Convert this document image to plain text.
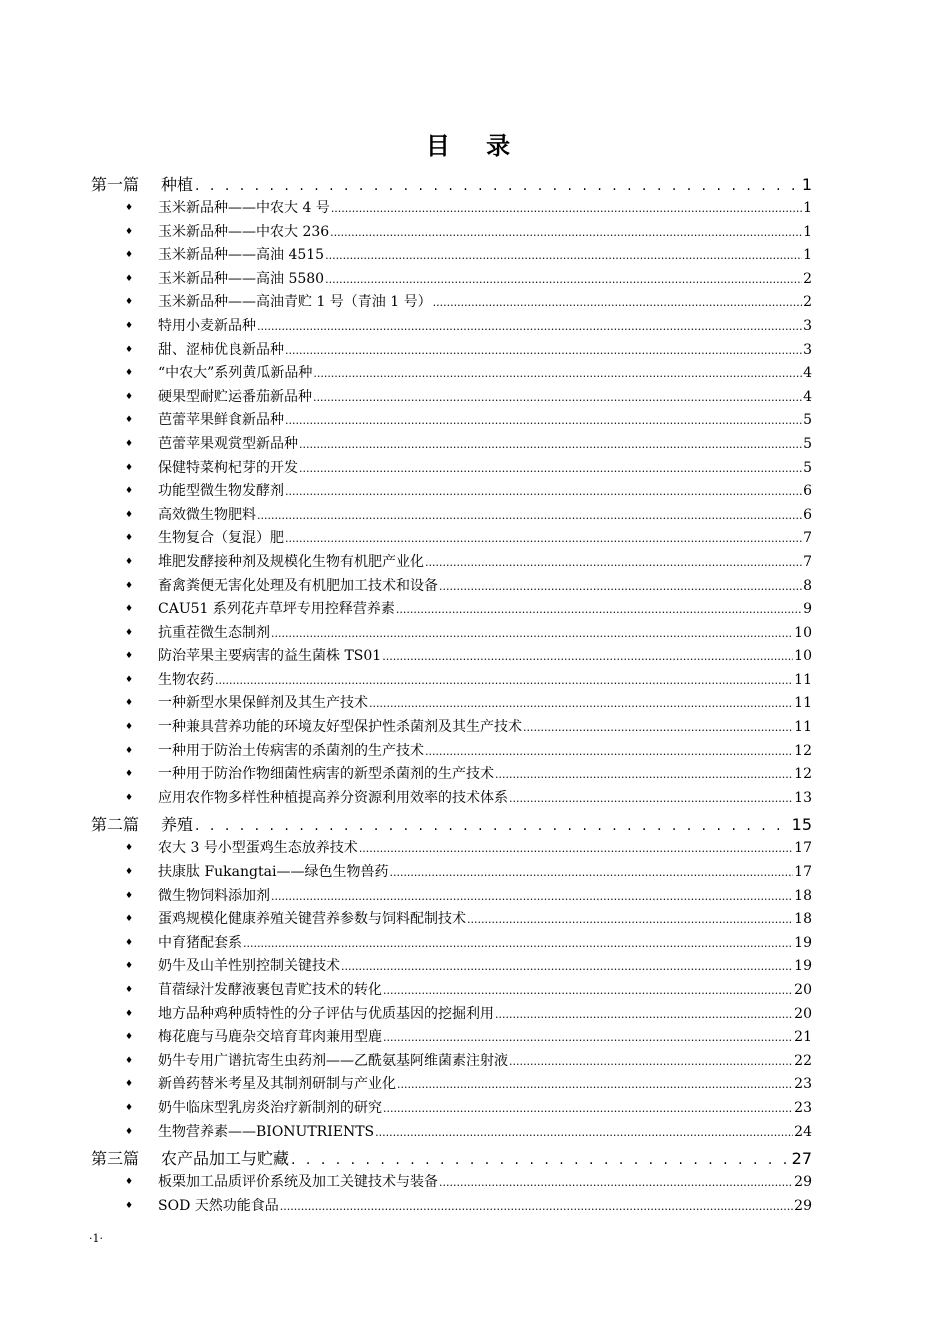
目 录
第一篇 种植 . . .	1
♦	玉米新品种——中农大 4 号 .....	1
♦	玉米新品种——中农大 236 .....	1
♦	玉米新品种——高油 4515 .....	1
♦	玉米新品种——高油 5580 .....	2
♦	玉米新品种——高油青贮 1 号（青油 1 号） .....	2
♦	特用小麦新品种 .....	3
♦	甜、涩柿优良新品种 .....	3
♦	“中农大”系列黄瓜新品种 .....	4
♦	硬果型耐贮运番茄新品种 .....	4
♦	芭蕾苹果鲜食新品种 .....	5
♦	芭蕾苹果观赏型新品种 .....	5
♦	保健特菜枸杞芽的开发 .....	5
♦	功能型微生物发酵剂 .....	6
♦	高效微生物肥料 .....	6
♦	生物复合（复混）肥 .....	7
♦	堆肥发酵接种剂及规模化生物有机肥产业化 .....	7
♦	畜禽粪便无害化处理及有机肥加工技术和设备 .....	8
♦	CAU51 系列花卉草坪专用控释营养素 .....	9
♦	抗重茬微生态制剂 .....	10
♦	防治苹果主要病害的益生菌株 TS01 .....	10
♦	生物农药 .....	11
♦	一种新型水果保鲜剂及其生产技术 .....	11
♦	一种兼具营养功能的环境友好型保护性杀菌剂及其生产技术 .....	11
♦	一种用于防治土传病害的杀菌剂的生产技术 .....	12
♦	一种用于防治作物细菌性病害的新型杀菌剂的生产技术 .....	12
♦	应用农作物多样性种植提高养分资源利用效率的技术体系 .....	13
第二篇 养殖 . . .	15
♦	农大 3 号小型蛋鸡生态放养技术 .....	17
♦	扶康肽 Fukangtai——绿色生物兽药 .....	17
♦	微生物饲料添加剂 .....	18
♦	蛋鸡规模化健康养殖关键营养参数与饲料配制技术 .....	18
♦	中育猪配套系 .....	19
♦	奶牛及山羊性别控制关键技术 .....	19
♦	苜蓿绿汁发酵液裹包青贮技术的转化 .....	20
♦	地方品种鸡种质特性的分子评估与优质基因的挖掘利用 .....	20
♦	梅花鹿与马鹿杂交培育茸肉兼用型鹿 .....	21
♦	奶牛专用广谱抗寄生虫药剂——乙酰氨基阿维菌素注射液 .....	22
♦	新兽药替米考星及其制剂研制与产业化 .....	23
♦	奶牛临床型乳房炎治疗新制剂的研究 .....	23
♦	生物营养素——BIONUTRIENTS .....	24
第三篇 农产品加工与贮藏 . . .	27
♦	板栗加工品质评价系统及加工关键技术与装备 .....	29
♦	SOD 天然功能食品 .....	29
·1·
